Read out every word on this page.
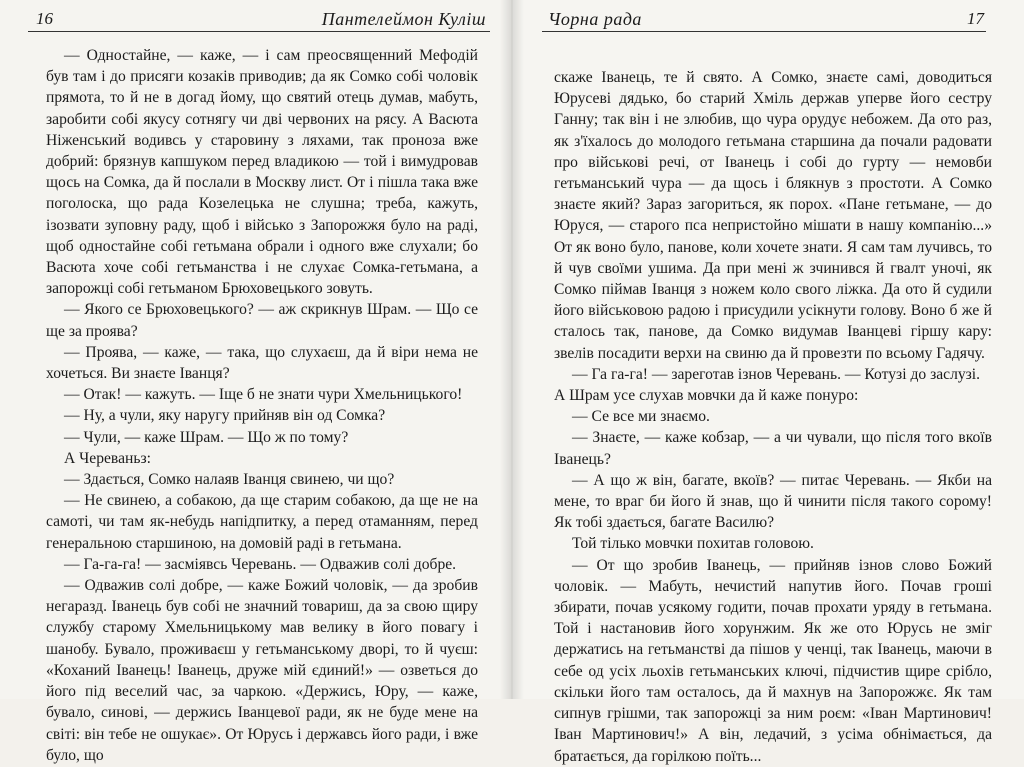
16	Пантелеймон Куліш

— Одностайне, — каже, — і сам преосвященний Мефодій був там і до присяги козаків приводив; да як Сомко собі чоловік прямота, то й не в догад йому, що святий отець думав, мабуть, заробити собі якусу сотнягу чи дві червоних на рясу. А Васюта Ніженський водивсь у старовину з ляхами, так проноза вже добрий: брязнув капшуком перед владикою — той і вимудровав щось на Сомка, да й послали в Москву лист. От і пішла така вже поголоска, що рада Козелецька не слушна; треба, кажуть, ізозвати зуповну раду, щоб і військо з Запорожжя було на раді, щоб одностайне собі гетьмана обрали і одного вже слухали; бо Васюта хоче собі гетьманства і не слухає Сомка-гетьмана, а запорожці собі гетьманом Брюховецького зовуть.

— Якого се Брюховецького? — аж скрикнув Шрам. — Що се ще за проява?

— Проява, — каже, — така, що слухаєш, да й віри нема не хочеться. Ви знаєте Іванця?

— Отак! — кажуть. — Іще б не знати чури Хмельницького!

— Ну, а чули, яку наругу прийняв він од Сомка?

— Чули, — каже Шрам. — Що ж по тому?

А Череваньз:

— Здається, Сомко налаяв Іванця свинею, чи що?

— Не свинею, а собакою, да ще старим собакою, да ще не на самоті, чи там як-небудь напідпитку, а перед отаманням, перед генеральною старшиною, на домовій раді в гетьмана.

— Га-га-га! — засміявсь Черевань. — Одважив солі добре.

— Одважив солі добре, — каже Божий чоловік, — да зробив негаразд. Іванець був собі не значний товариш, да за свою щиру службу старому Хмельницькому мав велику в його повагу і шанобу. Бувало, проживаєш у гетьманському дворі, то й чуєш: «Коханий Іванець! Іванець, друже мій єдиний!» — озветься до його під веселий час, за чаркою. «Держись, Юру, — каже, бувало, синові, — держись Іванцевої ради, як не буде мене на світі: він тебе не ошукає». От Юрусь і державсь його ради, і вже було, що

Чорна рада	17

скаже Іванець, те й свято. А Сомко, знаєте самі, доводиться Юрусеві дядько, бо старий Хміль держав уперве його сестру Ганну; так він і не злюбив, що чура орудує небожем. Да ото раз, як з'їхалось до молодого гетьмана старшина да почали радовати про військові речі, от Іванець і собі до гурту — немовби гетьманський чура — да щось і блякнув з простоти. А Сомко знаєте який? Зараз загориться, як порох. «Пане гетьмане, — до Юруся, — старого пса непристойно мішати в нашу компанію...» От як воно було, панове, коли хочете знати. Я сам там лучивсь, то й чув своїми ушима. Да при мені ж зчинився й гвалт уночі, як Сомко піймав Іванця з ножем коло свого ліжка. Да ото й судили його військовою радою і присудили усікнути голову. Воно б же й сталось так, панове, да Сомко видумав Іванцеві гіршу кару: звелів посадити верхи на свиню да й провезти по всьому Гадячу.

— Га га-га! — зареготав ізнов Черевань. — Котузі до заслузі.

А Шрам усе слухав мовчки да й каже понуро:

— Се все ми знаємо.

— Знаєте, — каже кобзар, — а чи чували, що після того вкоїв Іванець?

— А що ж він, багате, вкоїв? — питає Черевань. — Якби на мене, то враг би його й знав, що й чинити після такого сорому! Як тобі здається, багате Василю?

Той тілько мовчки похитав головою.

— От що зробив Іванець, — прийняв ізнов слово Божий чоловік. — Мабуть, нечистий напутив його. Почав гроші збирати, почав усякому годити, почав прохати уряду в гетьмана. Той і настановив його хорунжим. Як же ото Юрусь не зміг держатись на гетьманстві да пішов у ченці, так Іванець, маючи в себе од усіх льохів гетьманських ключі, підчистив щире срібло, скільки його там осталось, да й махнув на Запорожжє. Як там сипнув грішми, так запорожці за ним роєм: «Іван Мартинович! Іван Мартинович!» А він, ледачий, з усіма обнімається, да братається, да горілкою поїть...
